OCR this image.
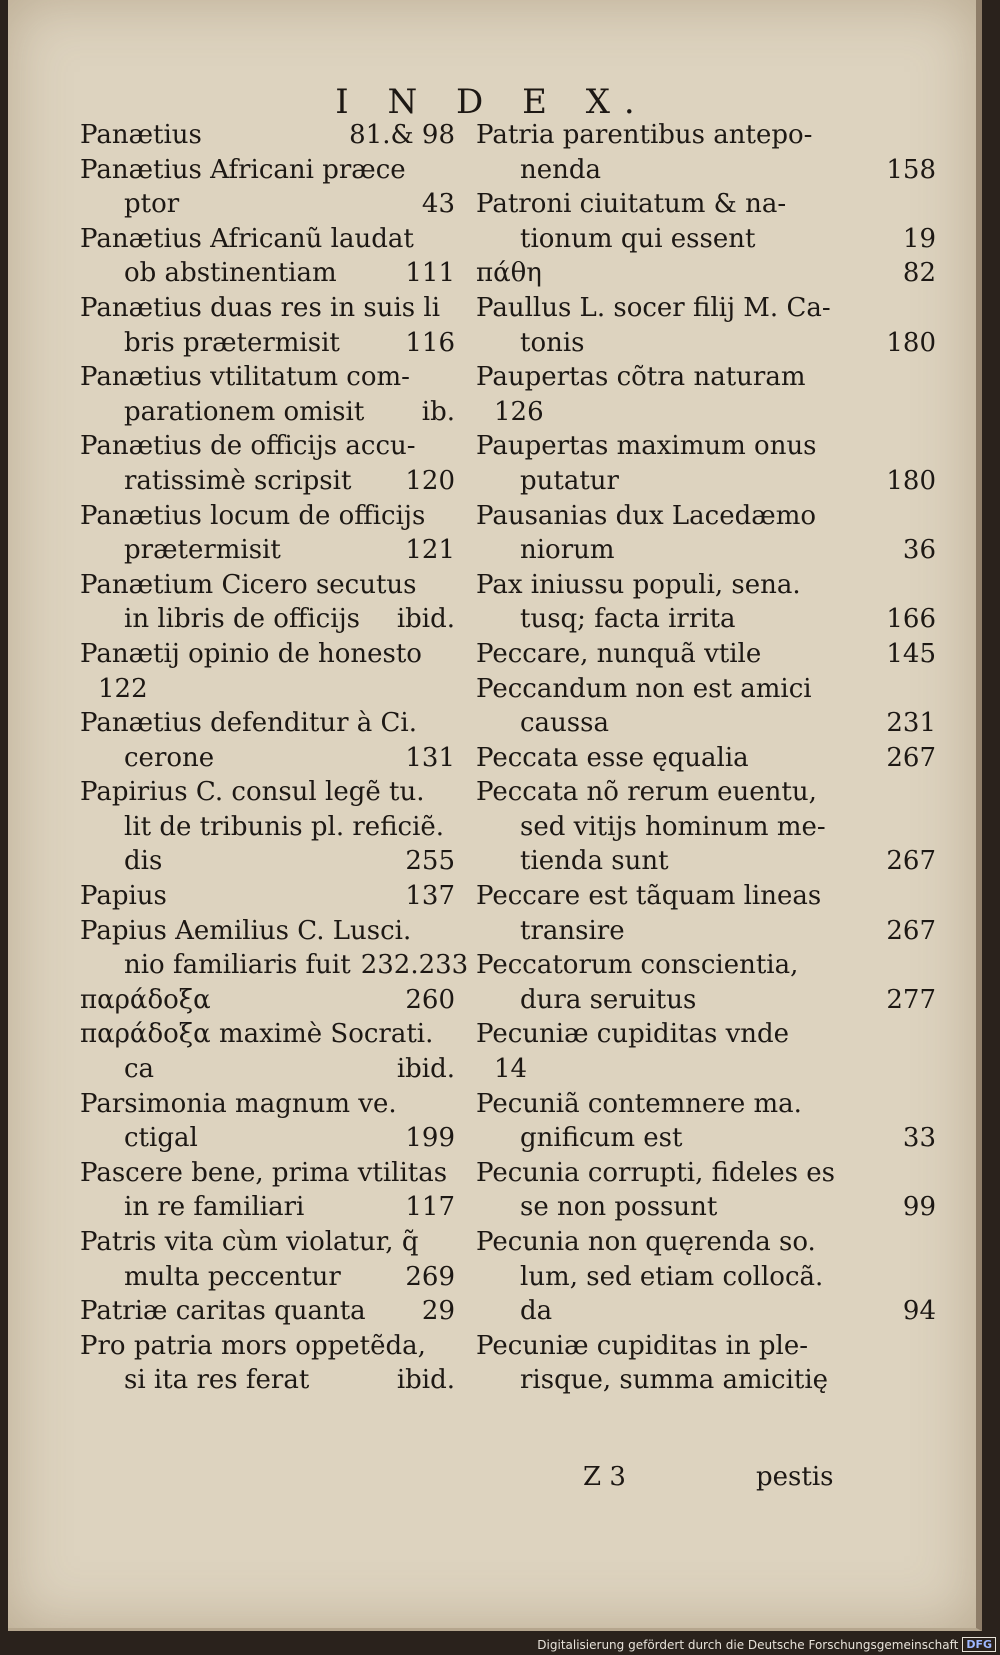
I N D E X.
Panætius	81.& 98
Panætius Africani præce
ptor	43
Panætius Africanũ laudat
ob abstinentiam	111
Panætius duas res in suis li
bris prætermisit	116
Panætius vtilitatum com-
parationem omisit ib.
Panætius de officijs accu-
ratissimè scripsit 120
Panætius locum de officijs
prætermisit	121
Panætium Cicero secutus
in libris de officijs ibid.
Panætij opinio de honesto
122
Panætius defenditur à Ci.
cerone	131
Papirius C. consul legẽ tu.
lit de tribunis pl. reficiẽ.
dis	255
Papius	137
Papius Aemilius C. Lusci.
nio familiaris fuit 232.233
παράδοξα	260
παράδοξα maximè Socrati.
ca	ibid.
Parsimonia magnum ve.
ctigal	199
Pascere bene, prima vtilitas
in re familiari	117
Patris vita cùm violatur, q̃
multa peccentur 269
Patriæ caritas quanta 29
Pro patria mors oppetẽda,
si ita res ferat	ibid.
Patria parentibus antepo-
nenda	158
Patroni ciuitatum & na-
tionum qui essent	19
πάθη	82
Paullus L. socer filij M. Ca-
tonis	180
Paupertas cõtra naturam
126
Paupertas maximum onus
putatur	180
Pausanias dux Lacedæmo
niorum	36
Pax iniussu populi, sena.
tusq; facta irrita	166
Peccare, nunquã vtile	145
Peccandum non est amici
caussa	231
Peccata esse ęqualia	267
Peccata nõ rerum euentu,
sed vitijs hominum me-
tienda sunt	267
Peccare est tãquam lineas
transire	267
Peccatorum conscientia,
dura seruitus	277
Pecuniæ cupiditas vnde
14
Pecuniã contemnere ma.
gnificum est	33
Pecunia corrupti, fideles es
se non possunt	99
Pecunia non quęrenda so.
lum, sed etiam collocã.
da	94
Pecuniæ cupiditas in ple-
risque, summa amicitię
Z 3	pestis
Digitalisierung gefördert durch die Deutsche Forschungsgemeinschaft DFG
